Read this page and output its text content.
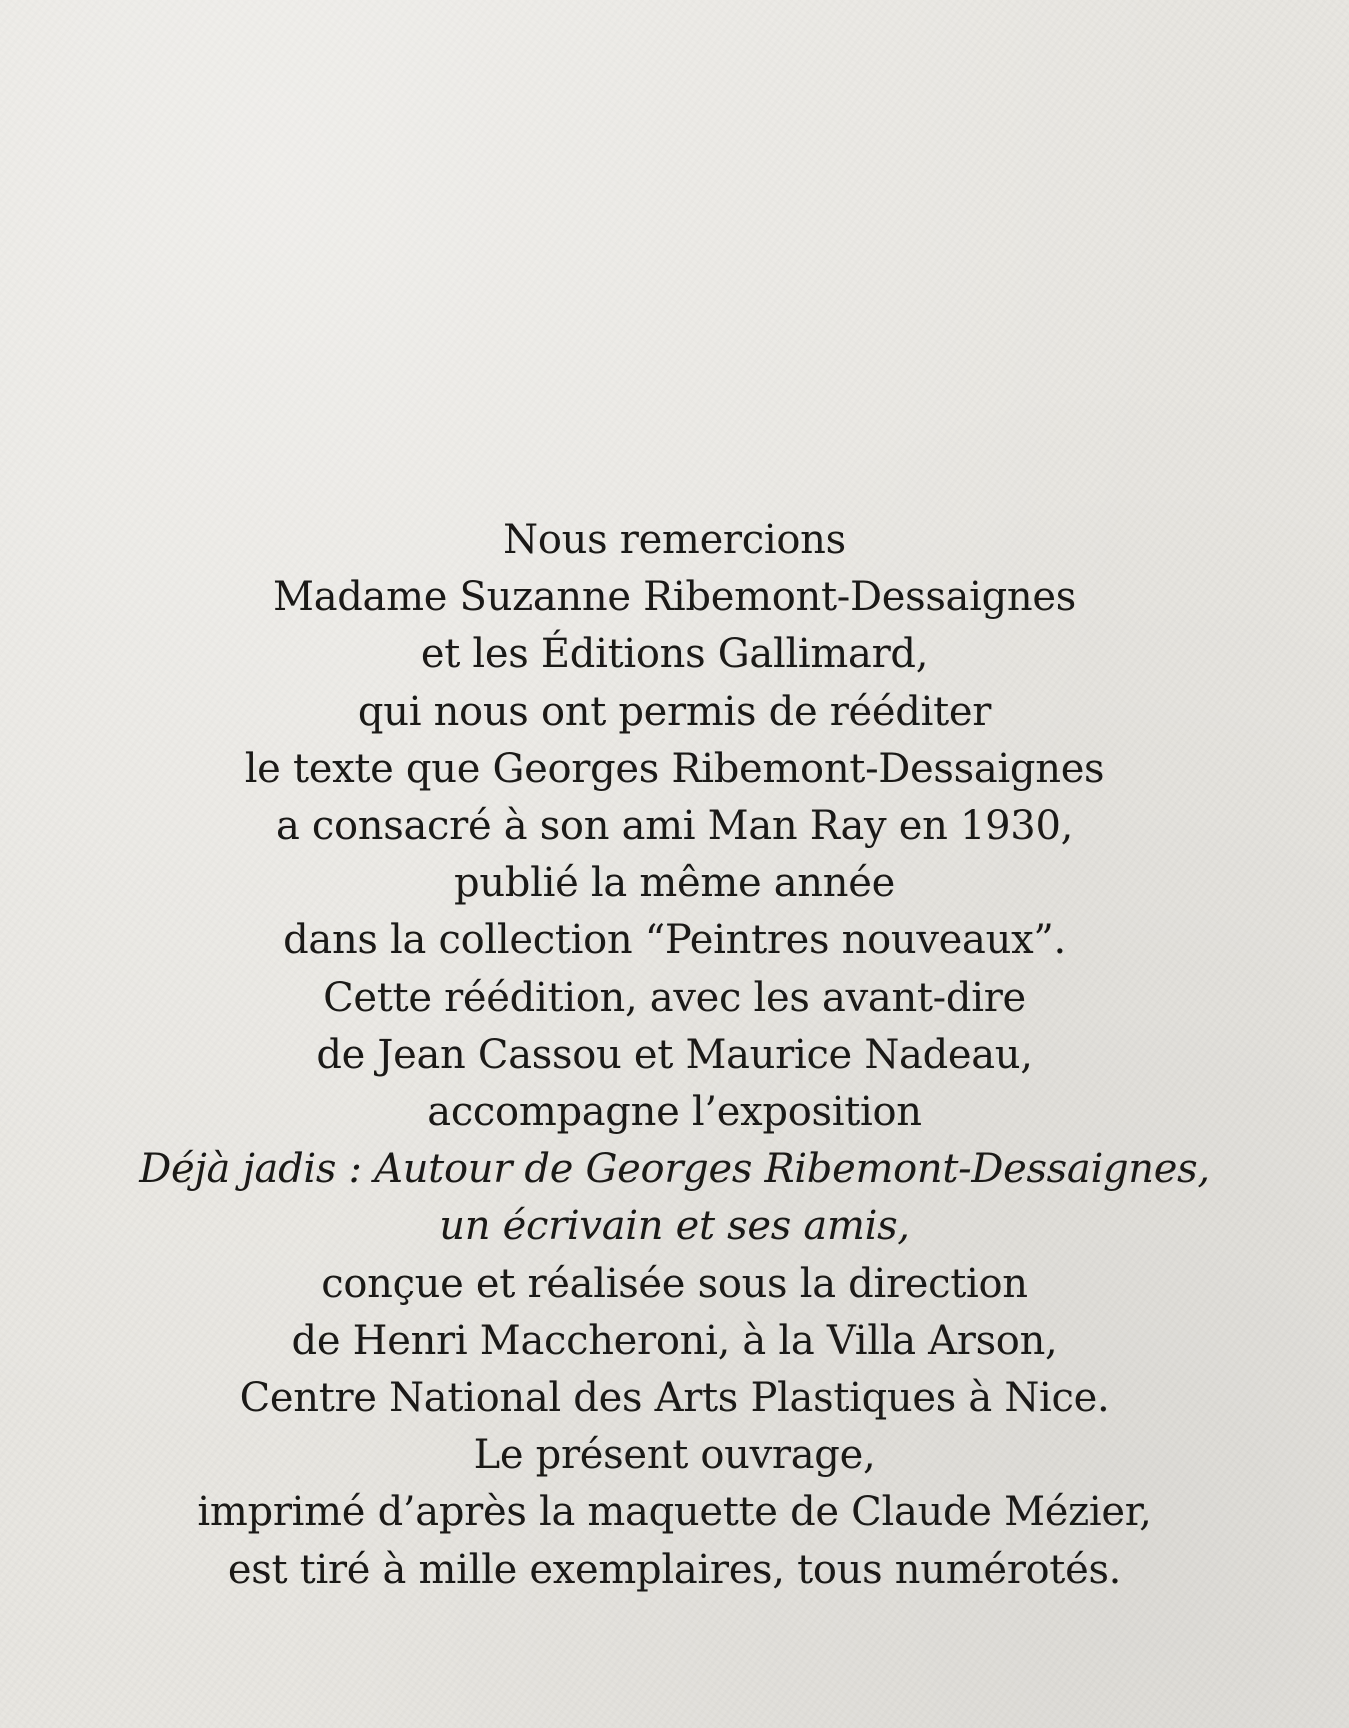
Nous remercions
Madame Suzanne Ribemont-Dessaignes
et les Éditions Gallimard,
qui nous ont permis de rééditer
le texte que Georges Ribemont-Dessaignes
a consacré à son ami Man Ray en 1930,
publié la même année
dans la collection “Peintres nouveaux”.
Cette réédition, avec les avant-dire
de Jean Cassou et Maurice Nadeau,
accompagne l’exposition
Déjà jadis : Autour de Georges Ribemont-Dessaignes,
un écrivain et ses amis,
conçue et réalisée sous la direction
de Henri Maccheroni, à la Villa Arson,
Centre National des Arts Plastiques à Nice.
Le présent ouvrage,
imprimé d’après la maquette de Claude Mézier,
est tiré à mille exemplaires, tous numérotés.
